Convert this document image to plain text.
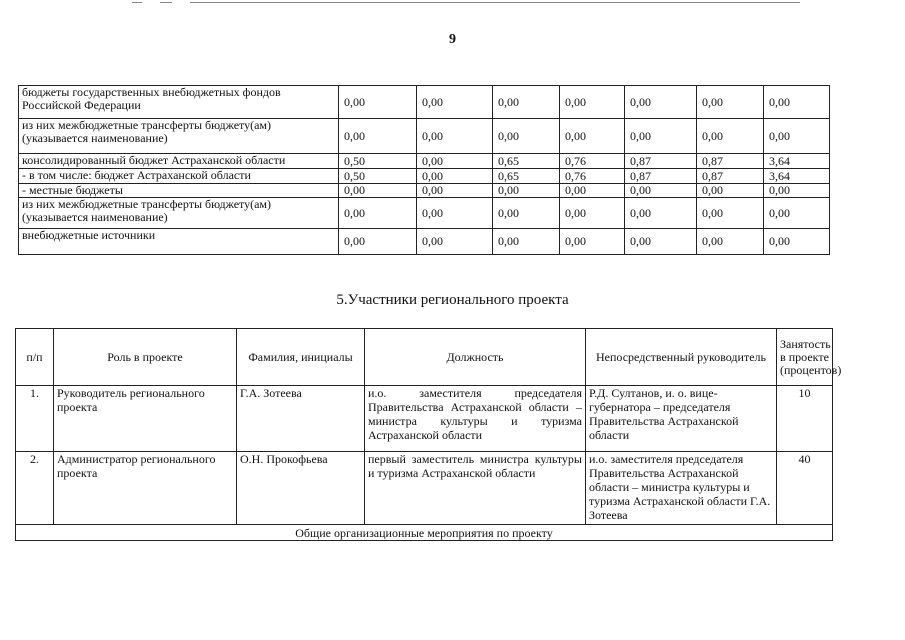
9
бюджеты государственных внебюджетных фондов Российской Федерации	0,00	0,00	0,00	0,00	0,00	0,00	0,00
из них межбюджетные трансферты бюджету(ам) (указывается наименование)	0,00	0,00	0,00	0,00	0,00	0,00	0,00
консолидированный бюджет Астраханской области	0,50	0,00	0,65	0,76	0,87	0,87	3,64
- в том числе: бюджет Астраханской области	0,50	0,00	0,65	0,76	0,87	0,87	3,64
- местные бюджеты	0,00	0,00	0,00	0,00	0,00	0,00	0,00
из них межбюджетные трансферты бюджету(ам) (указывается наименование)	0,00	0,00	0,00	0,00	0,00	0,00	0,00
внебюджетные источники	0,00	0,00	0,00	0,00	0,00	0,00	0,00
5.Участники регионального проекта
п/п	Роль в проекте	Фамилия, инициалы	Должность	Непосредственный руководитель	Занятость в проекте (процентов)
1.	Руководитель регионального проекта	Г.А. Зотеева	и.о. заместителя председателя Правительства Астраханской области – министра культуры и туризма Астраханской области	Р.Д. Султанов, и. о. вице-губернатора – председателя Правительства Астраханской области	10
2.	Администратор регионального проекта	О.Н. Прокофьева	первый заместитель министра культуры и туризма Астраханской области	и.о. заместителя председателя Правительства Астраханской области – министра культуры и туризма Астраханской области Г.А. Зотеева	40
Общие организационные мероприятия по проекту					
